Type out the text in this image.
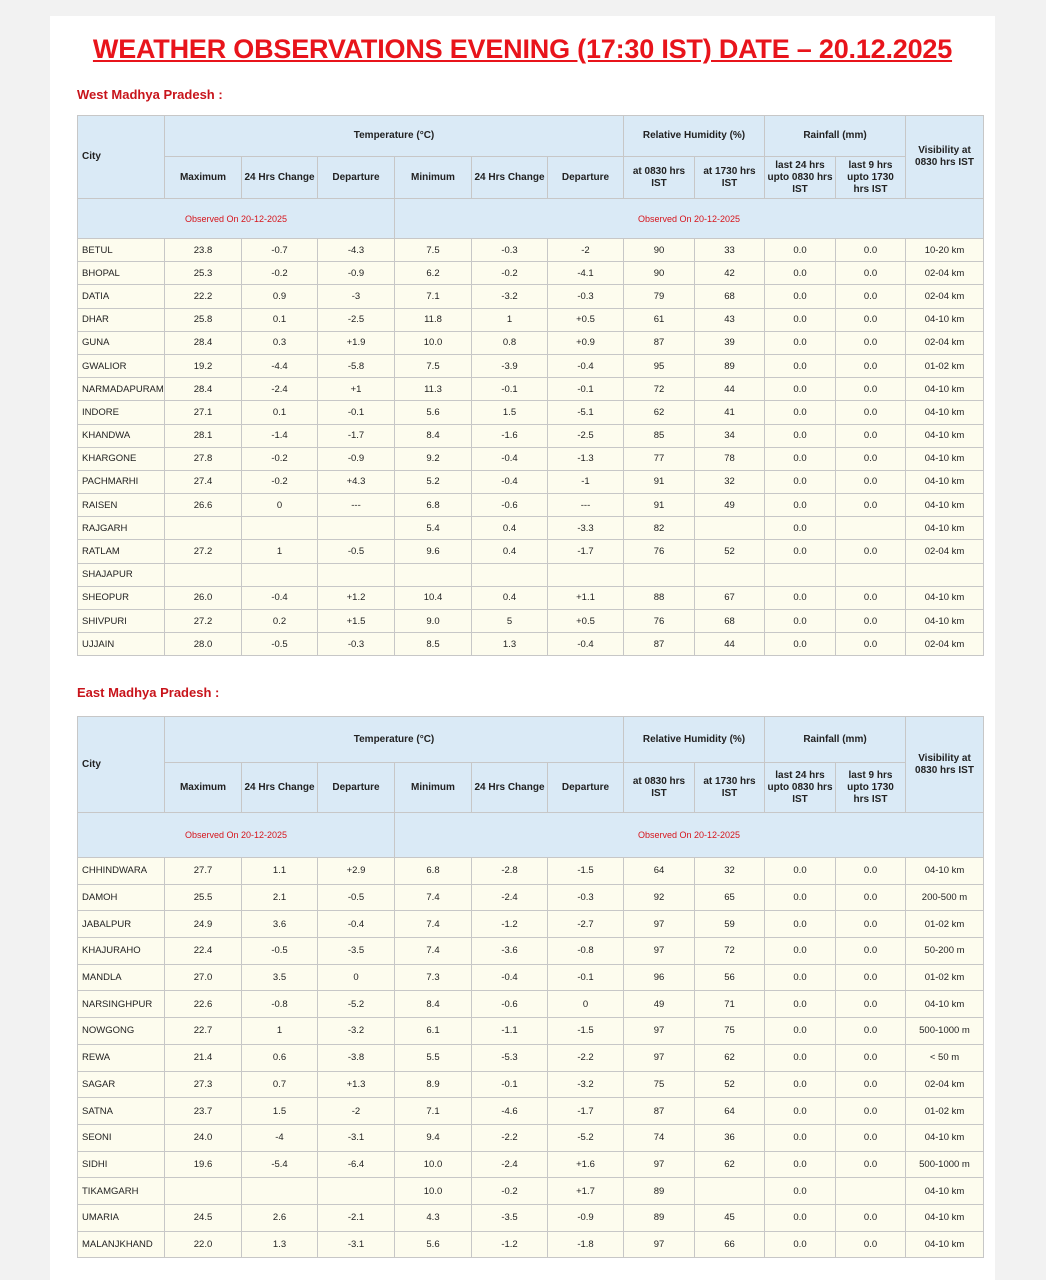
WEATHER OBSERVATIONS EVENING (17:30 IST) DATE – 20.12.2025
West Madhya Pradesh :
City	Temperature (°C)						Relative Humidity (%)		Rainfall (mm)		Visibility at 0830 hrs IST
	Maximum	24 Hrs Change	Departure	Minimum	24 Hrs Change	Departure	at 0830 hrs IST	at 1730 hrs IST	last 24 hrs upto 0830 hrs IST	last 9 hrs upto 1730 hrs IST	
Observed On 20-12-2025				Observed On 20-12-2025							
BETUL	23.8	-0.7	-4.3	7.5	-0.3	-2	90	33	0.0	0.0	10-20 km
BHOPAL	25.3	-0.2	-0.9	6.2	-0.2	-4.1	90	42	0.0	0.0	02-04 km
DATIA	22.2	0.9	-3	7.1	-3.2	-0.3	79	68	0.0	0.0	02-04 km
DHAR	25.8	0.1	-2.5	11.8	1	+0.5	61	43	0.0	0.0	04-10 km
GUNA	28.4	0.3	+1.9	10.0	0.8	+0.9	87	39	0.0	0.0	02-04 km
GWALIOR	19.2	-4.4	-5.8	7.5	-3.9	-0.4	95	89	0.0	0.0	01-02 km
NARMADAPURAM	28.4	-2.4	+1	11.3	-0.1	-0.1	72	44	0.0	0.0	04-10 km
INDORE	27.1	0.1	-0.1	5.6	1.5	-5.1	62	41	0.0	0.0	04-10 km
KHANDWA	28.1	-1.4	-1.7	8.4	-1.6	-2.5	85	34	0.0	0.0	04-10 km
KHARGONE	27.8	-0.2	-0.9	9.2	-0.4	-1.3	77	78	0.0	0.0	04-10 km
PACHMARHI	27.4	-0.2	+4.3	5.2	-0.4	-1	91	32	0.0	0.0	04-10 km
RAISEN	26.6	0	---	6.8	-0.6	---	91	49	0.0	0.0	04-10 km
RAJGARH				5.4	0.4	-3.3	82		0.0		04-10 km
RATLAM	27.2	1	-0.5	9.6	0.4	-1.7	76	52	0.0	0.0	02-04 km
SHAJAPUR											
SHEOPUR	26.0	-0.4	+1.2	10.4	0.4	+1.1	88	67	0.0	0.0	04-10 km
SHIVPURI	27.2	0.2	+1.5	9.0	5	+0.5	76	68	0.0	0.0	04-10 km
UJJAIN	28.0	-0.5	-0.3	8.5	1.3	-0.4	87	44	0.0	0.0	02-04 km
East Madhya Pradesh :
City	Temperature (°C)						Relative Humidity (%)		Rainfall (mm)		Visibility at 0830 hrs IST
	Maximum	24 Hrs Change	Departure	Minimum	24 Hrs Change	Departure	at 0830 hrs IST	at 1730 hrs IST	last 24 hrs upto 0830 hrs IST	last 9 hrs upto 1730 hrs IST	
Observed On 20-12-2025				Observed On 20-12-2025							
CHHINDWARA	27.7	1.1	+2.9	6.8	-2.8	-1.5	64	32	0.0	0.0	04-10 km
DAMOH	25.5	2.1	-0.5	7.4	-2.4	-0.3	92	65	0.0	0.0	200-500 m
JABALPUR	24.9	3.6	-0.4	7.4	-1.2	-2.7	97	59	0.0	0.0	01-02 km
KHAJURAHO	22.4	-0.5	-3.5	7.4	-3.6	-0.8	97	72	0.0	0.0	50-200 m
MANDLA	27.0	3.5	0	7.3	-0.4	-0.1	96	56	0.0	0.0	01-02 km
NARSINGHPUR	22.6	-0.8	-5.2	8.4	-0.6	0	49	71	0.0	0.0	04-10 km
NOWGONG	22.7	1	-3.2	6.1	-1.1	-1.5	97	75	0.0	0.0	500-1000 m
REWA	21.4	0.6	-3.8	5.5	-5.3	-2.2	97	62	0.0	0.0	< 50 m
SAGAR	27.3	0.7	+1.3	8.9	-0.1	-3.2	75	52	0.0	0.0	02-04 km
SATNA	23.7	1.5	-2	7.1	-4.6	-1.7	87	64	0.0	0.0	01-02 km
SEONI	24.0	-4	-3.1	9.4	-2.2	-5.2	74	36	0.0	0.0	04-10 km
SIDHI	19.6	-5.4	-6.4	10.0	-2.4	+1.6	97	62	0.0	0.0	500-1000 m
TIKAMGARH				10.0	-0.2	+1.7	89		0.0		04-10 km
UMARIA	24.5	2.6	-2.1	4.3	-3.5	-0.9	89	45	0.0	0.0	04-10 km
MALANJKHAND	22.0	1.3	-3.1	5.6	-1.2	-1.8	97	66	0.0	0.0	04-10 km
